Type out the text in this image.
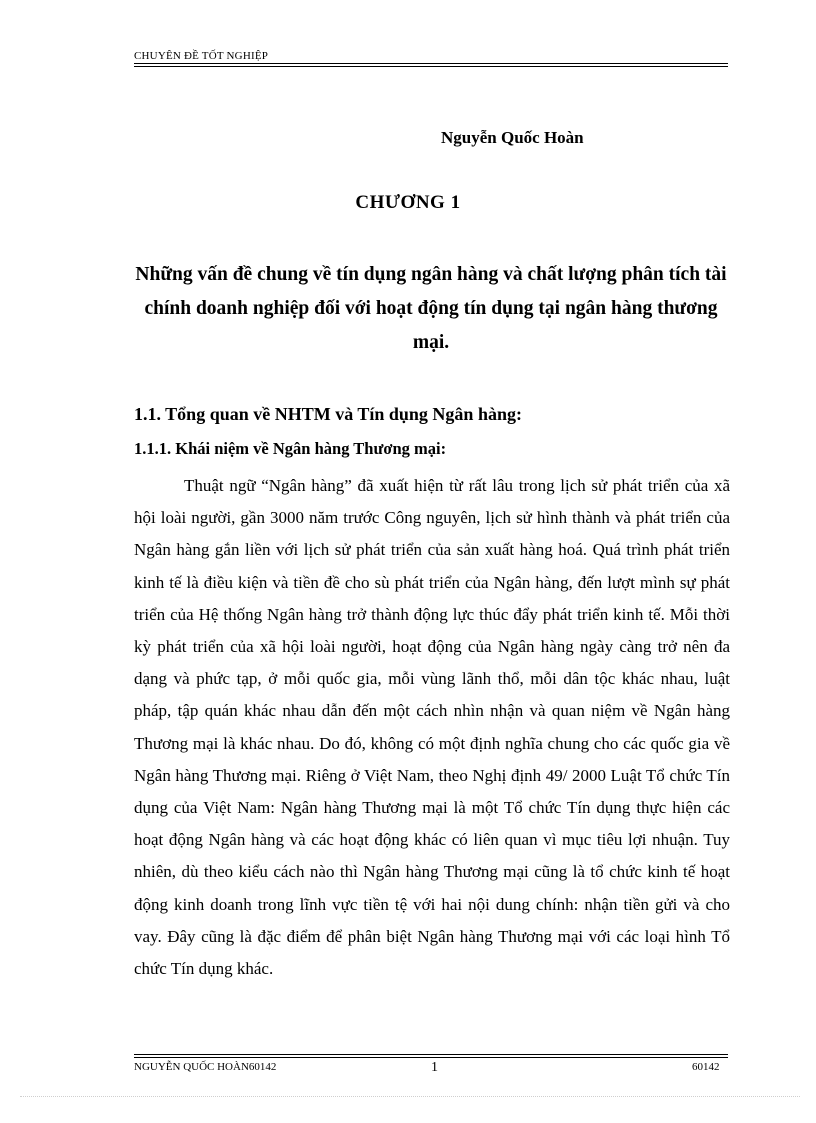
CHUYÊN ĐỀ TỐT NGHIỆP
Nguyễn Quốc Hoàn
CHƯƠNG 1
Những vấn đề chung về tín dụng ngân hàng và chất lượng phân tích tài chính doanh nghiệp đối với hoạt động tín dụng tại ngân hàng thương mại.
1.1. Tổng quan về NHTM và Tín dụng Ngân hàng:
1.1.1. Khái niệm về Ngân hàng Thương mại:

Thuật ngữ “Ngân hàng” đã xuất hiện từ rất lâu trong lịch sử phát triển của xã hội loài người, gần 3000 năm trước Công nguyên, lịch sử hình thành và phát triển của Ngân hàng gắn liền với lịch sử phát triển của sản xuất hàng hoá. Quá trình phát triển kinh tế là điều kiện và tiền đề cho sù phát triển của Ngân hàng, đến lượt mình sự phát triển của Hệ thống Ngân hàng trở thành động lực thúc đẩy phát triển kinh tế. Mỗi thời kỳ phát triển của xã hội loài người, hoạt động của Ngân hàng ngày càng trở nên đa dạng và phức tạp, ở mỗi quốc gia, mỗi vùng lãnh thổ, mỗi dân tộc khác nhau, luật pháp, tập quán khác nhau dẫn đến một cách nhìn nhận và quan niệm về Ngân hàng Thương mại là khác nhau. Do đó, không có một định nghĩa chung cho các quốc gia về Ngân hàng Thương mại. Riêng ở Việt Nam, theo Nghị định 49/ 2000 Luật Tổ chức Tín dụng của Việt Nam: Ngân hàng Thương mại là một Tổ chức Tín dụng thực hiện các hoạt động Ngân hàng và các hoạt động khác có liên quan vì mục tiêu lợi nhuận. Tuy nhiên, dù theo kiểu cách nào thì Ngân hàng Thương mại cũng là tổ chức kinh tế hoạt động kinh doanh trong lĩnh vực tiền tệ với hai nội dung chính: nhận tiền gửi và cho vay. Đây cũng là đặc điểm để phân biệt Ngân hàng Thương mại với các loại hình Tổ chức Tín dụng khác.

NGUYỄN QUỐC HOÀN60142	1	60142
